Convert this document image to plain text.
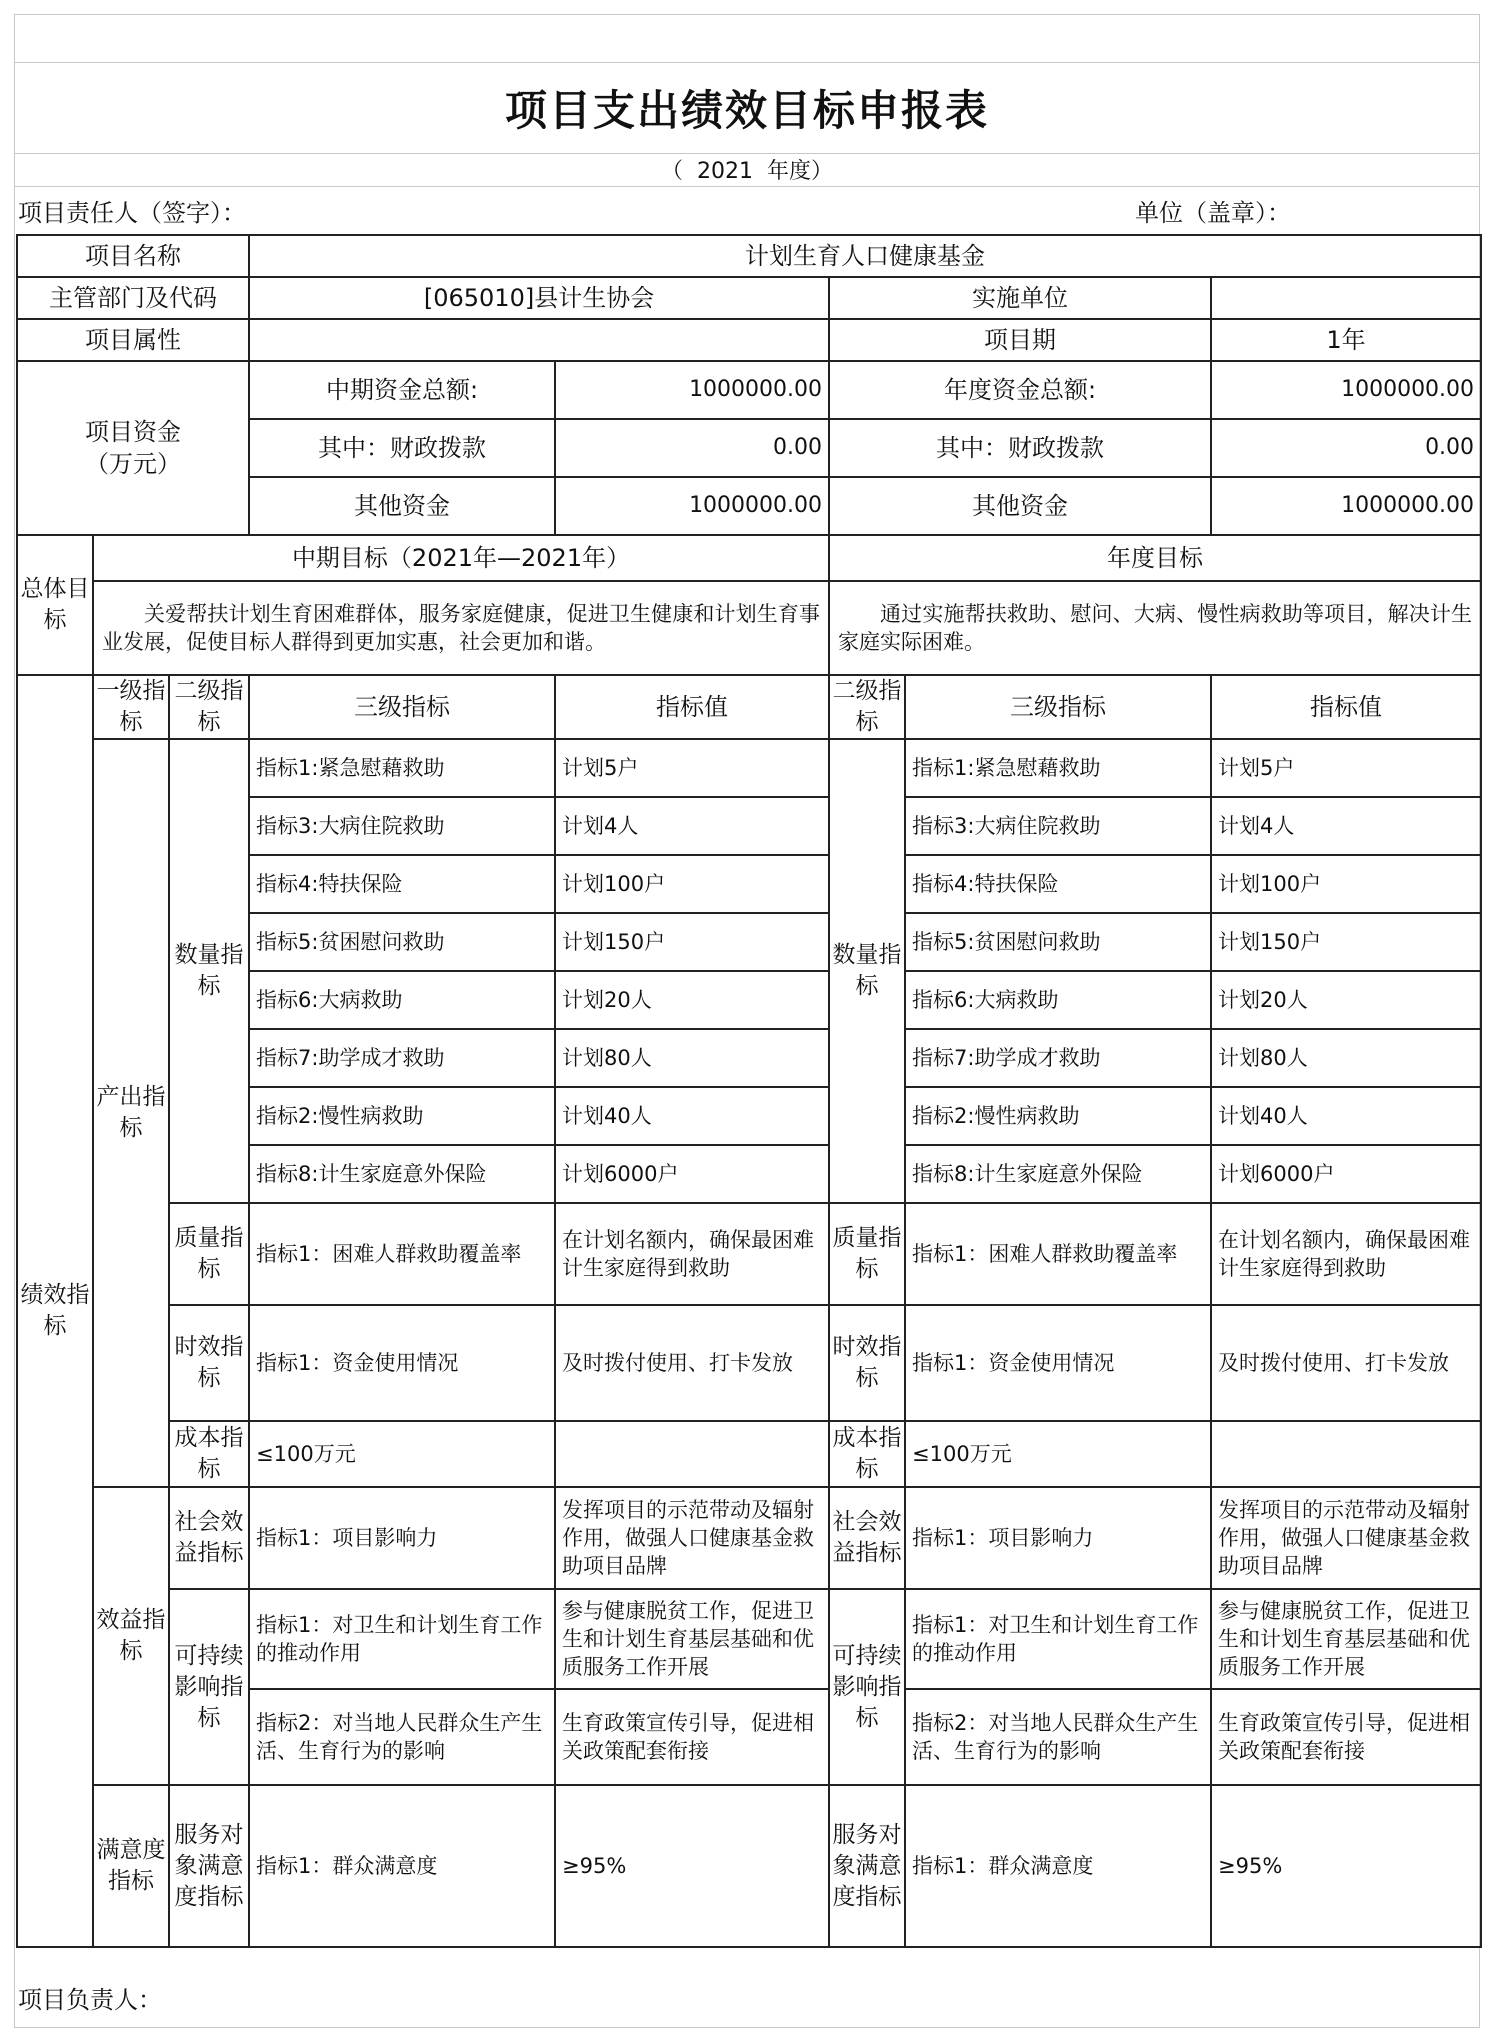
项目支出绩效目标申报表
（  2021  年度）
项目责任人（签字）：	单位（盖章）：
项目名称			计划生育人口健康基金				
主管部门及代码			[065010]县计生协会		实施单位		
项目属性					项目期		1年

项目资金
（万元）			中期资金总额:	1000000.00	年度资金总额:		1000000.00
			其中：财政拨款	0.00	其中：财政拨款		0.00
			其他资金	1000000.00	其他资金		1000000.00
总体目标	中期目标（2021年—2021年）				年度目标		
	关爱帮扶计划生育困难群体，服务家庭健康，促进卫生健康和计划生育事业发展，促使目标人群得到更加实惠，社会更加和谐。				通过实施帮扶救助、慰问、大病、慢性病救助等项目，解决计生家庭实际困难。		
绩效指标	一级指标	二级指标	三级指标	指标值	二级指标	三级指标	指标值
	产出指标	数量指标	指标1:紧急慰藉救助	计划5户	数量指标	指标1:紧急慰藉救助	计划5户
			指标3:大病住院救助	计划4人		指标3:大病住院救助	计划4人
			指标4:特扶保险	计划100户		指标4:特扶保险	计划100户
			指标5:贫困慰问救助	计划150户		指标5:贫困慰问救助	计划150户
			指标6:大病救助	计划20人		指标6:大病救助	计划20人
			指标7:助学成才救助	计划80人		指标7:助学成才救助	计划80人
			指标2:慢性病救助	计划40人		指标2:慢性病救助	计划40人
			指标8:计生家庭意外保险	计划6000户		指标8:计生家庭意外保险	计划6000户
		质量指标	指标1：困难人群救助覆盖率	在计划名额内，确保最困难计生家庭得到救助	质量指标	指标1：困难人群救助覆盖率	在计划名额内，确保最困难计生家庭得到救助
		时效指标	指标1：资金使用情况	及时拨付使用、打卡发放	时效指标	指标1：资金使用情况	及时拨付使用、打卡发放
		成本指标	≤100万元		成本指标	≤100万元	
	效益指标	社会效益指标	指标1：项目影响力	发挥项目的示范带动及辐射作用，做强人口健康基金救助项目品牌	社会效益指标	指标1：项目影响力	发挥项目的示范带动及辐射作用，做强人口健康基金救助项目品牌
		可持续影响指标	指标1：对卫生和计划生育工作的推动作用	参与健康脱贫工作，促进卫生和计划生育基层基础和优质服务工作开展	可持续影响指标	指标1：对卫生和计划生育工作的推动作用	参与健康脱贫工作，促进卫生和计划生育基层基础和优质服务工作开展
			指标2：对当地人民群众生产生活、生育行为的影响	生育政策宣传引导，促进相关政策配套衔接		指标2：对当地人民群众生产生活、生育行为的影响	生育政策宣传引导，促进相关政策配套衔接
	满意度指标	服务对象满意度指标	指标1：群众满意度	≥95%	服务对象满意度指标	指标1：群众满意度	≥95%
项目负责人：
